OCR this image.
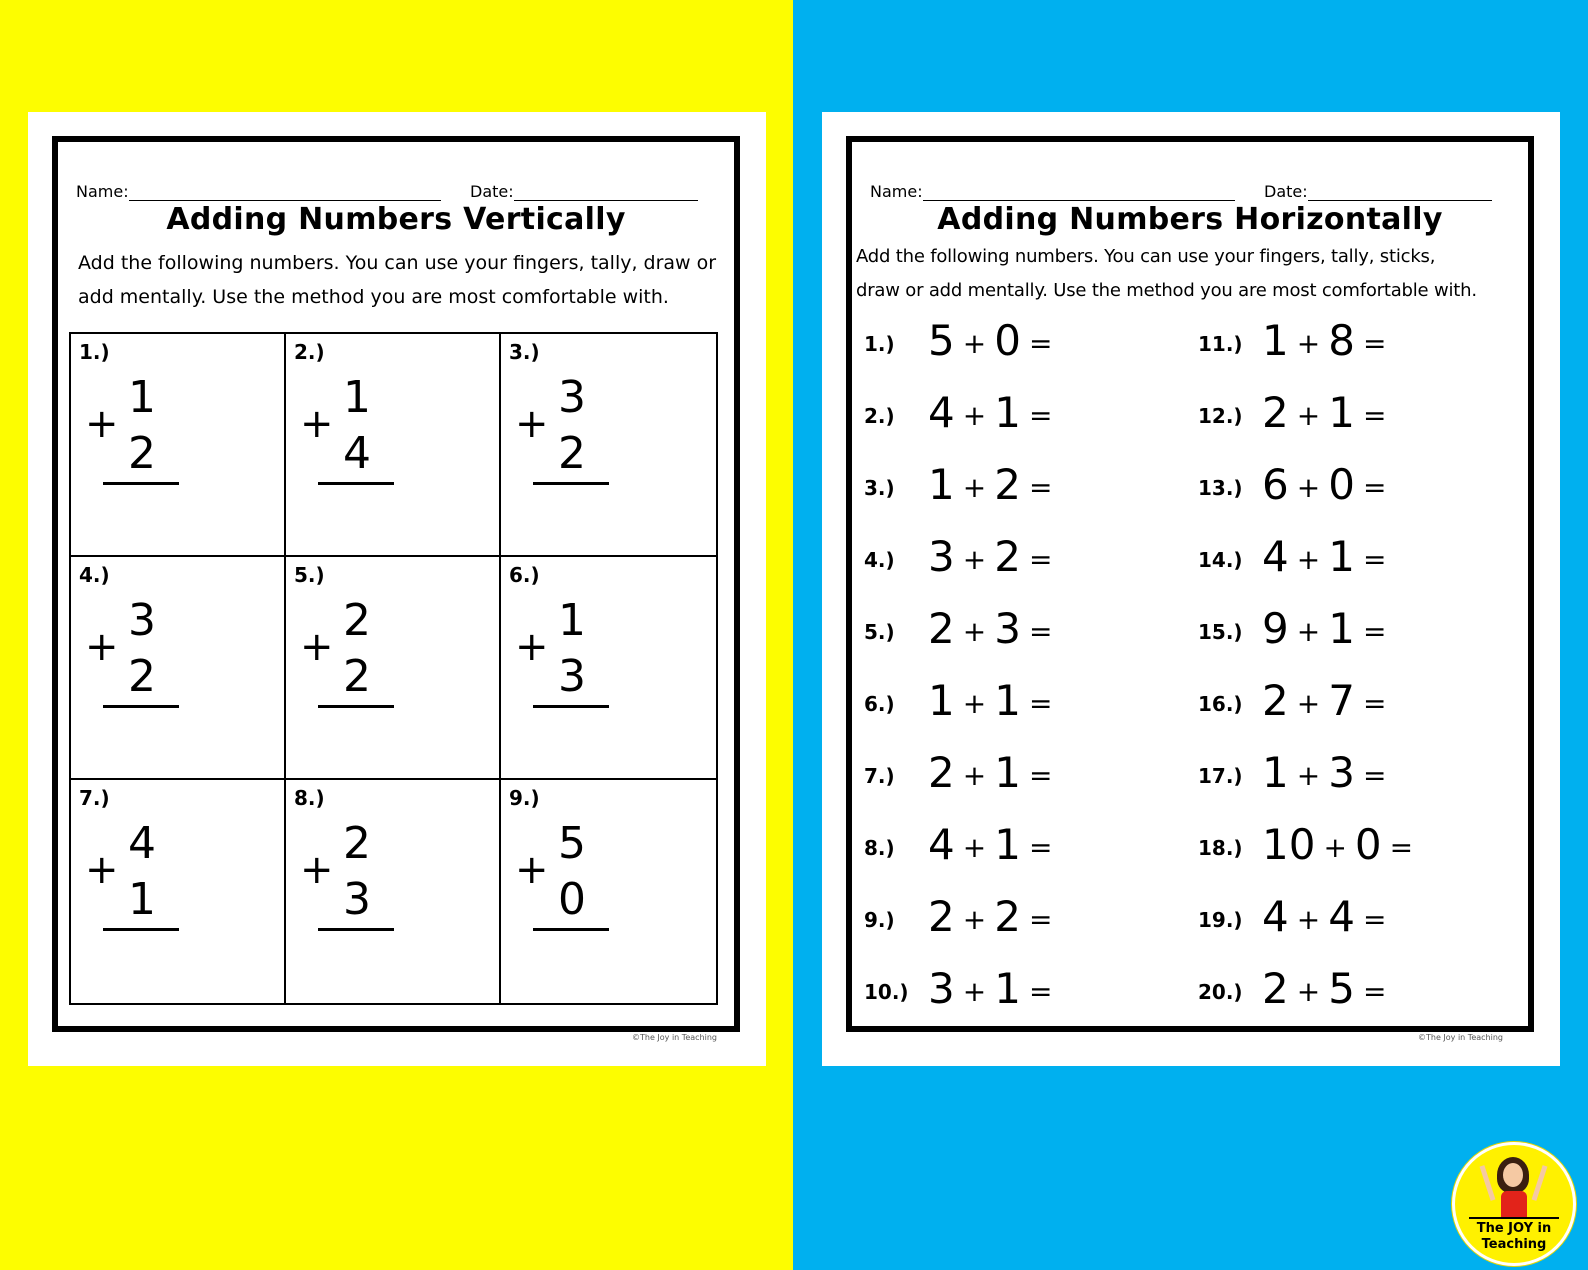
Name:	Date:
Adding Numbers Vertically
Add the following numbers. You can use your fingers, tally, draw or
add mentally. Use the method you are most comfortable with.
1.)
+
1
2
2.)
+
1
4
3.)
+
3
2
4.)
+
3
2
5.)
+
2
2
6.)
+
1
3
7.)
+
4
1
8.)
+
2
3
9.)
+
5
0
©The Joy in Teaching
Name:	Date:
Adding Numbers Horizontally
Add the following numbers. You can use your fingers, tally, sticks,
draw or add mentally. Use the method you are most comfortable with.
1.) 5 + 0 =
2.) 4 + 1 =
3.) 1 + 2 =
4.) 3 + 2 =
5.) 2 + 3 =
6.) 1 + 1 =
7.) 2 + 1 =
8.) 4 + 1 =
9.) 2 + 2 =
10.) 3 + 1 =
11.) 1 + 8 =
12.) 2 + 1 =
13.) 6 + 0 =
14.) 4 + 1 =
15.) 9 + 1 =
16.) 2 + 7 =
17.) 1 + 3 =
18.) 10 + 0 =
19.) 4 + 4 =
20.) 2 + 5 =
©The Joy in Teaching
The JOY in
Teaching
